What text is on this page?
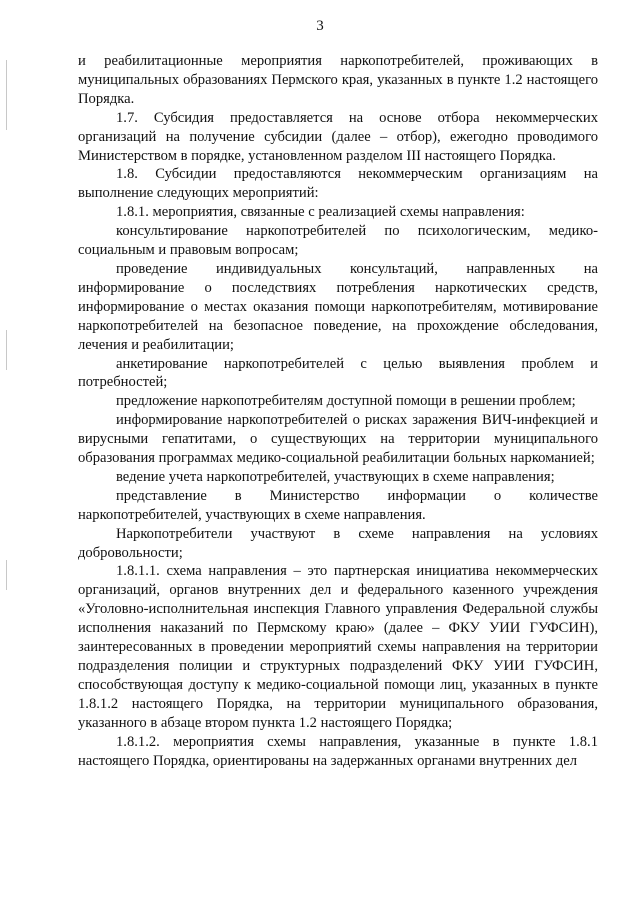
3

и реабилитационные мероприятия наркопотребителей, проживающих в муниципальных образованиях Пермского края, указанных в пункте 1.2 настоящего Порядка.

1.7. Субсидия предоставляется на основе отбора некоммерческих организаций на получение субсидии (далее – отбор), ежегодно проводимого Министерством в порядке, установленном разделом III настоящего Порядка.

1.8. Субсидии предоставляются некоммерческим организациям на выполнение следующих мероприятий:

1.8.1. мероприятия, связанные с реализацией схемы направления:

консультирование наркопотребителей по психологическим, медико-социальным и правовым вопросам;

проведение индивидуальных консультаций, направленных на информирование о последствиях потребления наркотических средств, информирование о местах оказания помощи наркопотребителям, мотивирование наркопотребителей на безопасное поведение, на прохождение обследования, лечения и реабилитации;

анкетирование наркопотребителей с целью выявления проблем и потребностей;

предложение наркопотребителям доступной помощи в решении проблем;

информирование наркопотребителей о рисках заражения ВИЧ-инфекцией и вирусными гепатитами, о существующих на территории муниципального образования программах медико-социальной реабилитации больных наркоманией;

ведение учета наркопотребителей, участвующих в схеме направления;

представление в Министерство информации о количестве наркопотребителей, участвующих в схеме направления.

Наркопотребители участвуют в схеме направления на условиях добровольности;

1.8.1.1. схема направления – это партнерская инициатива некоммерческих организаций, органов внутренних дел и федерального казенного учреждения «Уголовно-исполнительная инспекция Главного управления Федеральной службы исполнения наказаний по Пермскому краю» (далее – ФКУ УИИ ГУФСИН), заинтересованных в проведении мероприятий схемы направления на территории подразделения полиции и структурных подразделений ФКУ УИИ ГУФСИН, способствующая доступу к медико-социальной помощи лиц, указанных в пункте 1.8.1.2 настоящего Порядка, на территории муниципального образования, указанного в абзаце втором пункта 1.2 настоящего Порядка;

1.8.1.2. мероприятия схемы направления, указанные в пункте 1.8.1 настоящего Порядка, ориентированы на задержанных органами внутренних дел
